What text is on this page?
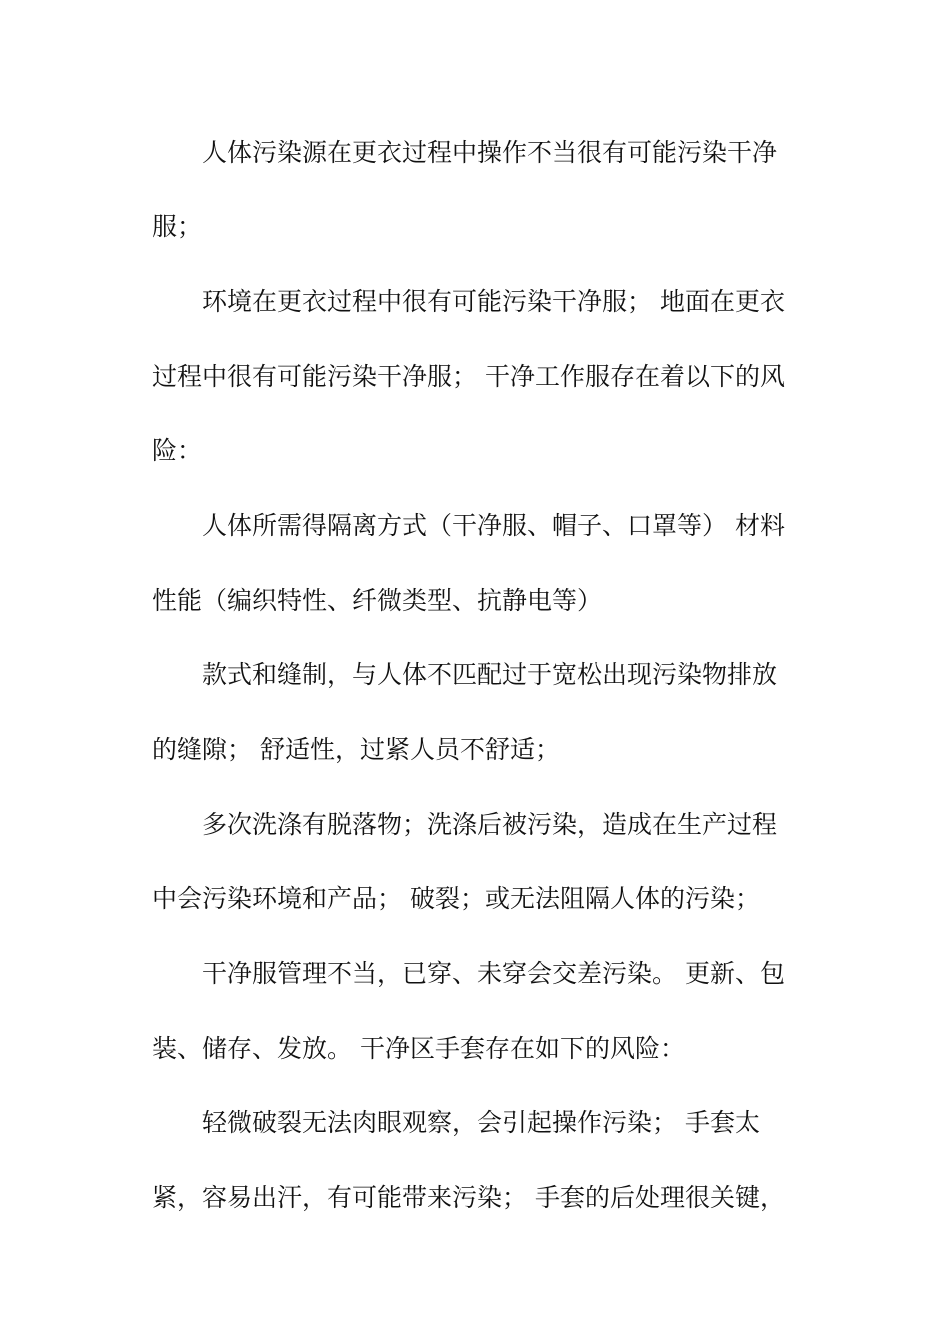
人体污染源在更衣过程中操作不当很有可能污染干净
服；
环境在更衣过程中很有可能污染干净服； 地面在更衣
过程中很有可能污染干净服； 干净工作服存在着以下的风
险：
人体所需得隔离方式（干净服、帽子、口罩等） 材料
性能（编织特性、纤微类型、抗静电等）
款式和缝制，与人体不匹配过于宽松出现污染物排放
的缝隙； 舒适性，过紧人员不舒适；
多次洗涤有脱落物；洗涤后被污染，造成在生产过程
中会污染环境和产品； 破裂；或无法阻隔人体的污染；
干净服管理不当，已穿、未穿会交差污染。 更新、包
装、储存、发放。 干净区手套存在如下的风险：
轻微破裂无法肉眼观察，会引起操作污染； 手套太
紧，容易出汗，有可能带来污染； 手套的后处理很关键，
